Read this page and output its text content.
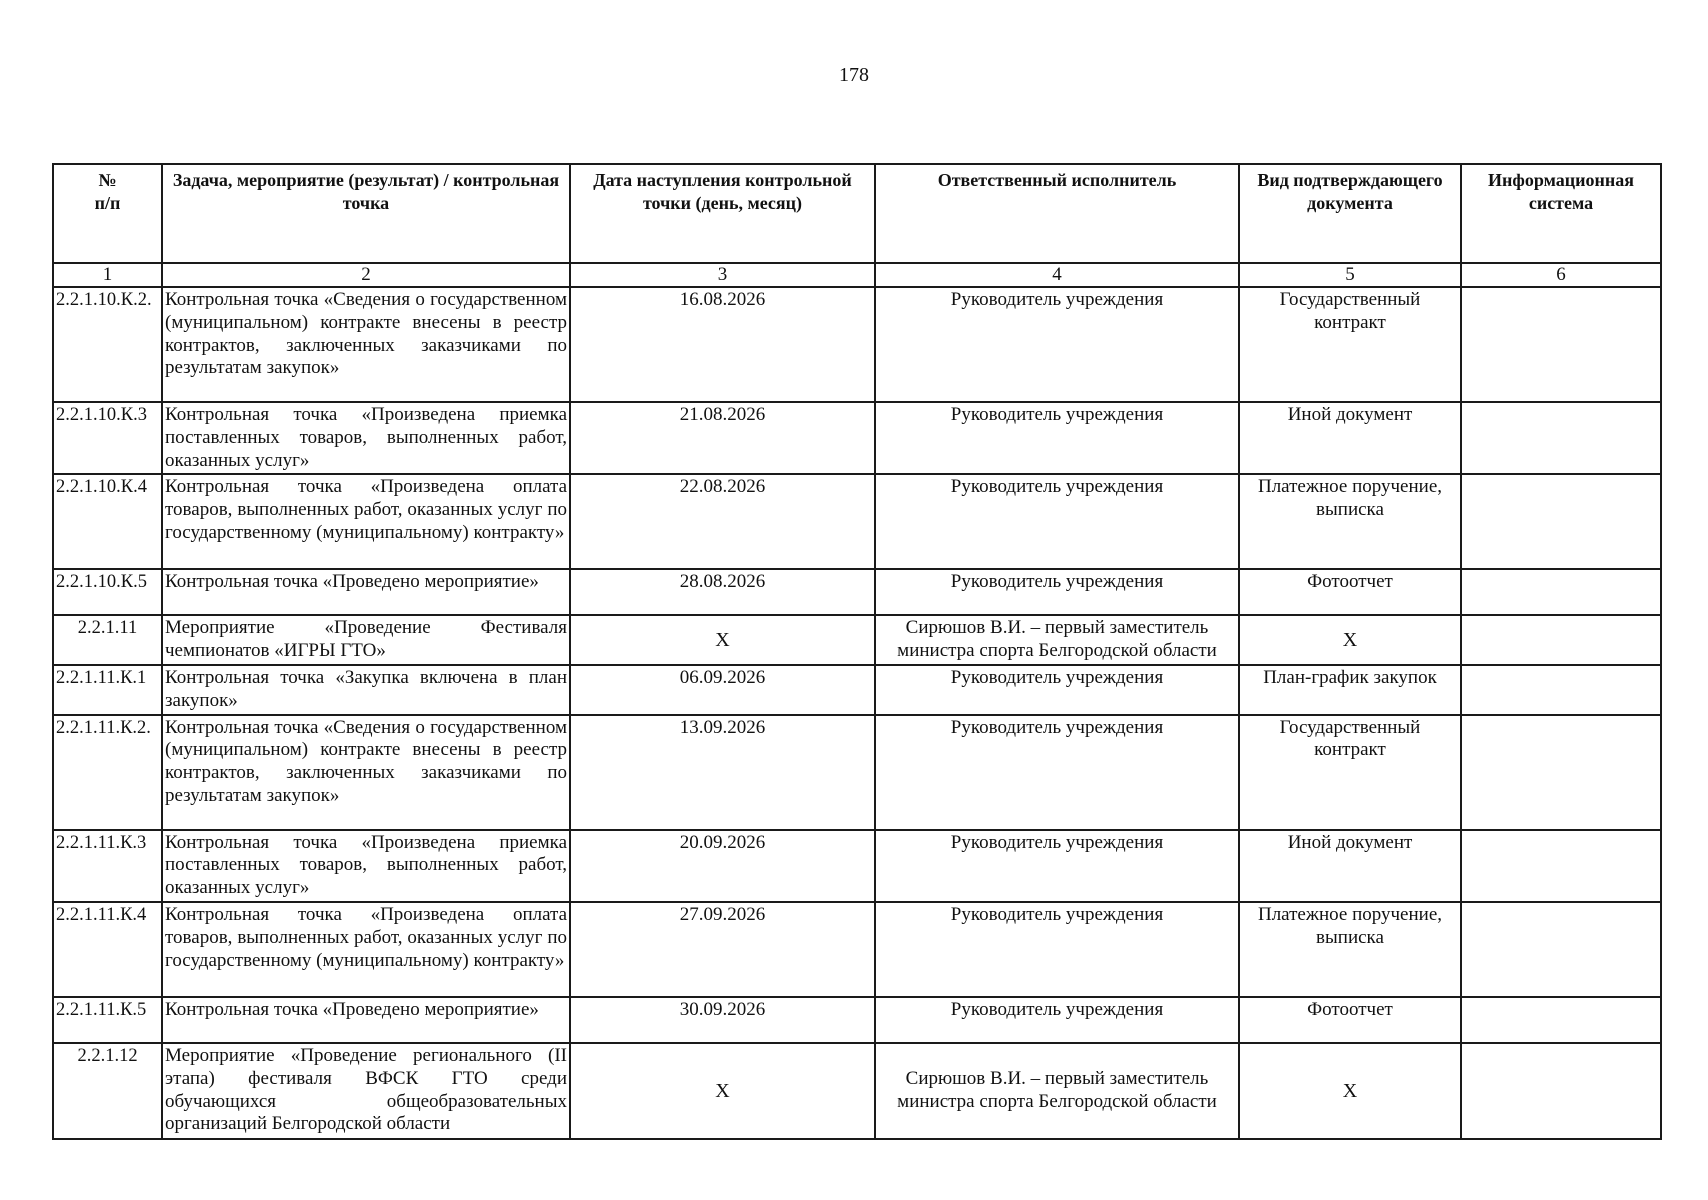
178
№
п/п	Задача, мероприятие (результат) / контрольная точка	Дата наступления контрольной точки (день, месяц)	Ответственный исполнитель	Вид подтверждающего документа	Информационная система
1	2	3	4	5	6
2.2.1.10.К.2.	Контрольная точка «Сведения о государственном (муниципальном) контракте внесены в реестр контрактов, заключенных заказчиками по результатам закупок»	16.08.2026	Руководитель учреждения	Государственный контракт	
2.2.1.10.К.3	Контрольная точка «Произведена приемка поставленных товаров, выполненных работ, оказанных услуг»	21.08.2026	Руководитель учреждения	Иной документ	
2.2.1.10.К.4	Контрольная точка «Произведена оплата товаров, выполненных работ, оказанных услуг по государственному (муниципальному) контракту»	22.08.2026	Руководитель учреждения	Платежное поручение, выписка	
2.2.1.10.К.5	Контрольная точка «Проведено мероприятие»	28.08.2026	Руководитель учреждения	Фотоотчет	
2.2.1.11	Мероприятие «Проведение Фестиваля чемпионатов «ИГРЫ ГТО»	Х	Сирюшов В.И. – первый заместитель министра спорта Белгородской области	Х	
2.2.1.11.К.1	Контрольная точка «Закупка включена в план закупок»	06.09.2026	Руководитель учреждения	План-график закупок	
2.2.1.11.К.2.	Контрольная точка «Сведения о государственном (муниципальном) контракте внесены в реестр контрактов, заключенных заказчиками по результатам закупок»	13.09.2026	Руководитель учреждения	Государственный контракт	
2.2.1.11.К.3	Контрольная точка «Произведена приемка поставленных товаров, выполненных работ, оказанных услуг»	20.09.2026	Руководитель учреждения	Иной документ	
2.2.1.11.К.4	Контрольная точка «Произведена оплата товаров, выполненных работ, оказанных услуг по государственному (муниципальному) контракту»	27.09.2026	Руководитель учреждения	Платежное поручение, выписка	
2.2.1.11.К.5	Контрольная точка «Проведено мероприятие»	30.09.2026	Руководитель учреждения	Фотоотчет	
2.2.1.12	Мероприятие «Проведение регионального (II этапа) фестиваля ВФСК ГТО среди обучающихся общеобразовательных организаций Белгородской области	Х	Сирюшов В.И. – первый заместитель министра спорта Белгородской области	Х	
